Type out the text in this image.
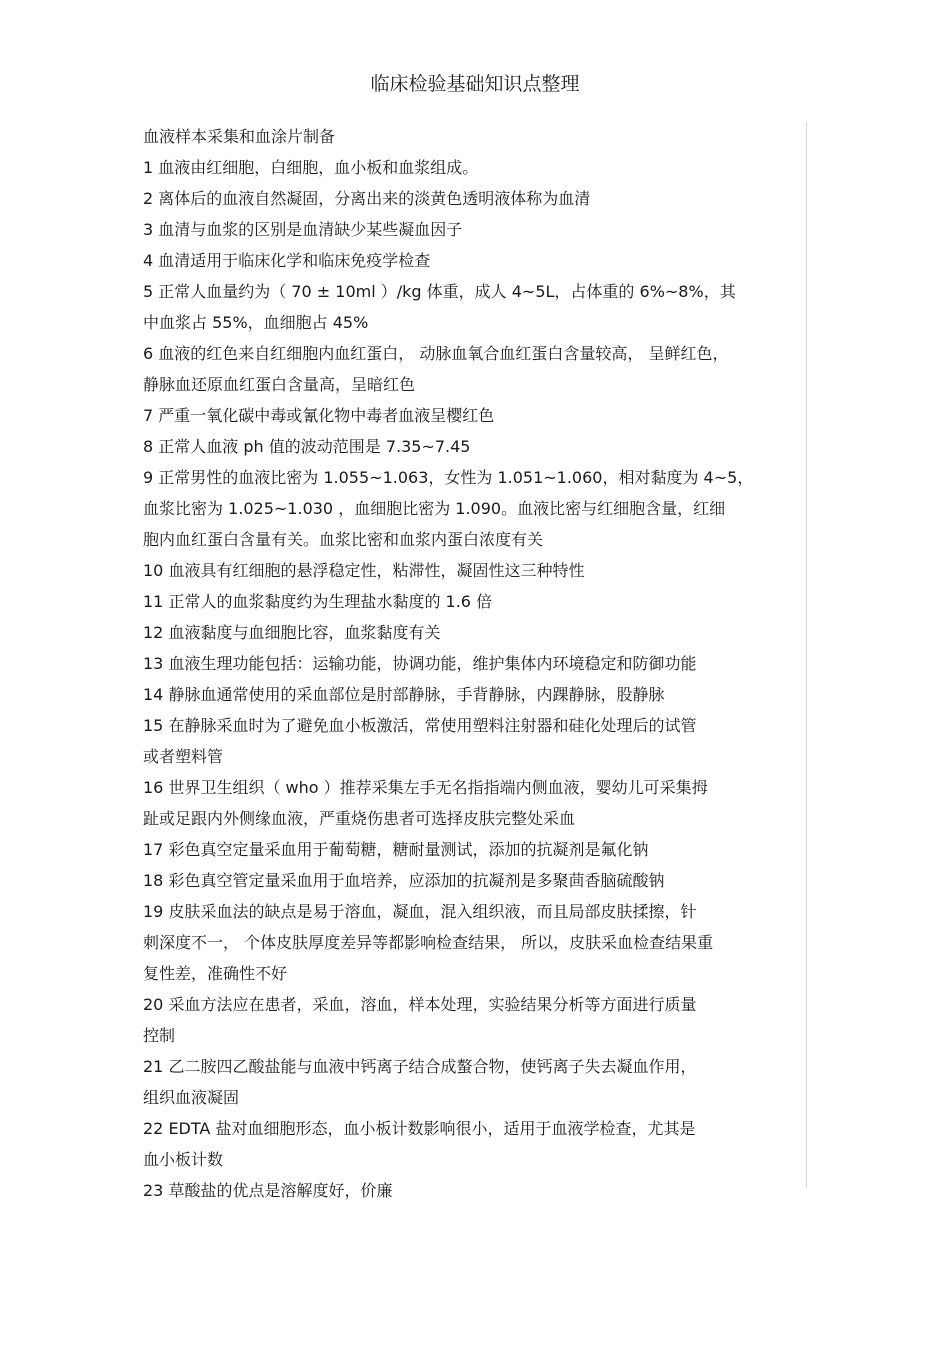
临床检验基础知识点整理

血液样本采集和血涂片制备

1 血液由红细胞，白细胞，血小板和血浆组成。

2 离体后的血液自然凝固，分离出来的淡黄色透明液体称为血清

3 血清与血浆的区别是血清缺少某些凝血因子

4 血清适用于临床化学和临床免疫学检查

5 正常人血量约为（ 70 ± 10ml ）/kg 体重，成人 4~5L，占体重的 6%~8%，其
中血浆占 55%，血细胞占 45%

6 血液的红色来自红细胞内血红蛋白， 动脉血氧合血红蛋白含量较高， 呈鲜红色，
静脉血还原血红蛋白含量高，呈暗红色

7 严重一氧化碳中毒或氰化物中毒者血液呈樱红色

8 正常人血液 ph 值的波动范围是 7.35~7.45

9 正常男性的血液比密为 1.055~1.063，女性为 1.051~1.060，相对黏度为 4~5，
血浆比密为 1.025~1.030 ，血细胞比密为 1.090。血液比密与红细胞含量，红细
胞内血红蛋白含量有关。血浆比密和血浆内蛋白浓度有关

10 血液具有红细胞的悬浮稳定性，粘滞性，凝固性这三种特性

11 正常人的血浆黏度约为生理盐水黏度的 1.6 倍

12 血液黏度与血细胞比容，血浆黏度有关

13 血液生理功能包括：运输功能，协调功能，维护集体内环境稳定和防御功能

14 静脉血通常使用的采血部位是肘部静脉，手背静脉，内踝静脉，股静脉

15 在静脉采血时为了避免血小板激活，常使用塑料注射器和硅化处理后的试管
或者塑料管

16 世界卫生组织（ who ）推荐采集左手无名指指端内侧血液，婴幼儿可采集拇
趾或足跟内外侧缘血液，严重烧伤患者可选择皮肤完整处采血

17 彩色真空定量采血用于葡萄糖，糖耐量测试，添加的抗凝剂是氟化钠

18 彩色真空管定量采血用于血培养，应添加的抗凝剂是多聚茴香脑硫酸钠

19 皮肤采血法的缺点是易于溶血，凝血，混入组织液，而且局部皮肤揉擦，针
刺深度不一， 个体皮肤厚度差异等都影响检查结果， 所以，皮肤采血检查结果重
复性差，准确性不好

20 采血方法应在患者，采血，溶血，样本处理，实验结果分析等方面进行质量
控制

21 乙二胺四乙酸盐能与血液中钙离子结合成螯合物，使钙离子失去凝血作用，
组织血液凝固

22 EDTA 盐对血细胞形态，血小板计数影响很小，适用于血液学检查，尤其是
血小板计数

23 草酸盐的优点是溶解度好，价廉
